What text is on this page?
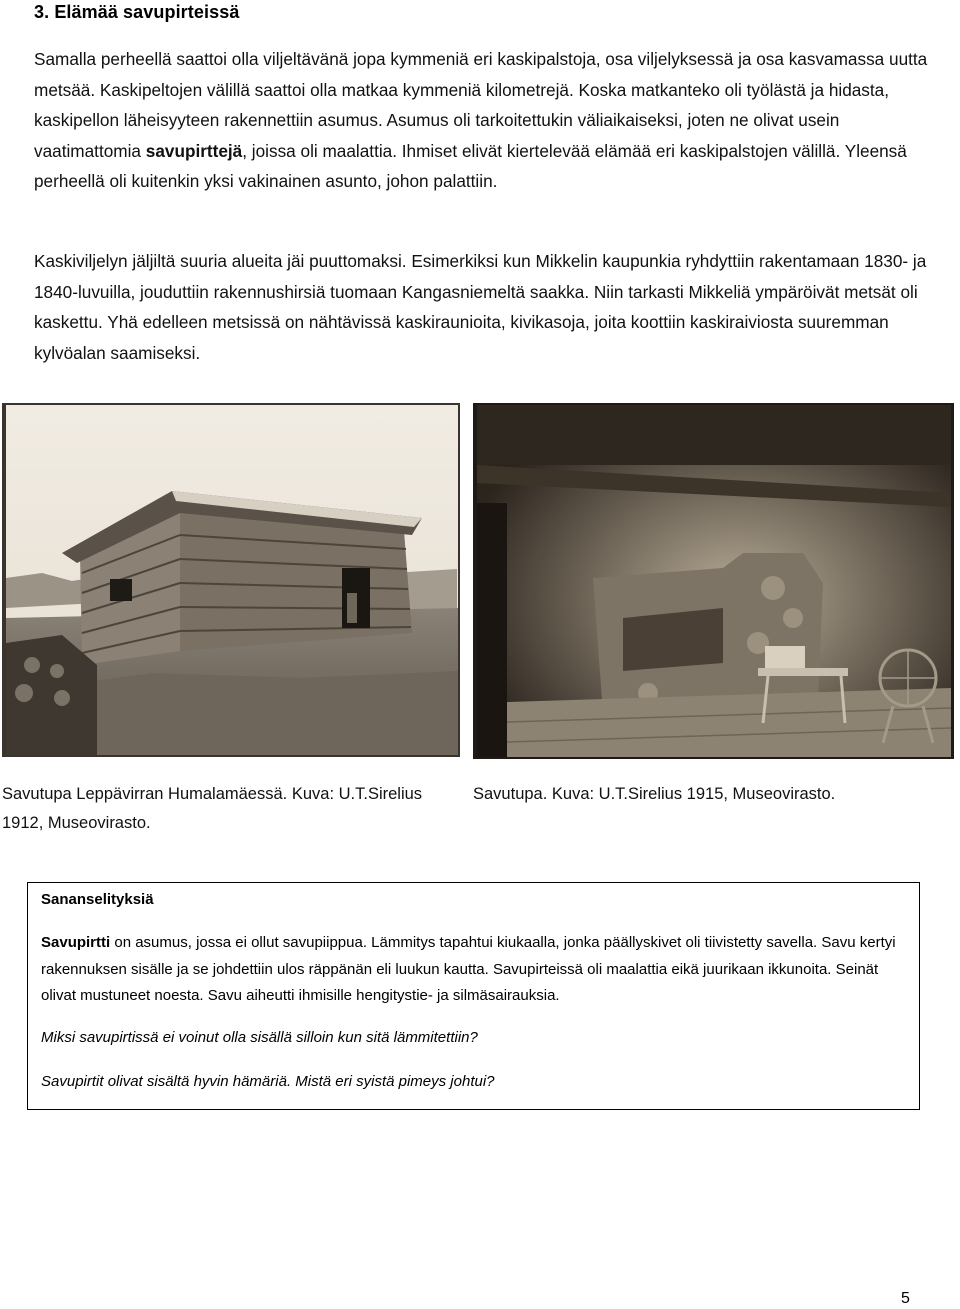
3. Elämää savupirteissä
Samalla perheellä saattoi olla viljeltävänä jopa kymmeniä eri kaskipalstoja, osa viljelyksessä ja osa kasvamassa uutta metsää. Kaskipeltojen välillä saattoi olla matkaa kymmeniä kilometrejä. Koska matkanteko oli työlästä ja hidasta, kaskipellon läheisyyteen rakennettiin asumus. Asumus oli tarkoitettukin väliaikaiseksi, joten ne olivat usein vaatimattomia savupirttejä, joissa oli maalattia. Ihmiset elivät kiertelevää elämää eri kaskipalstojen välillä. Yleensä perheellä oli kuitenkin yksi vakinainen asunto, johon palattiin.
Kaskiviljelyn jäljiltä suuria alueita jäi puuttomaksi. Esimerkiksi kun Mikkelin kaupunkia ryhdyttiin rakentamaan 1830- ja 1840-luvuilla, jouduttiin rakennushirsiä tuomaan Kangasniemeltä saakka. Niin tarkasti Mikkeliä ympäröivät metsät oli kaskettu. Yhä edelleen metsissä on nähtävissä kaskiraunioita, kivikasoja, joita koottiin kaskiraiviosta suuremman kylvöalan saamiseksi.
Savutupa Leppävirran Humalamäessä. Kuva: U.T.Sirelius 1912, Museovirasto.
Savutupa. Kuva: U.T.Sirelius 1915, Museovirasto.
Sananselityksiä
Savupirtti on asumus, jossa ei ollut savupiippua. Lämmitys tapahtui kiukaalla, jonka päällyskivet oli tiivistetty savella. Savu kertyi rakennuksen sisälle ja se johdettiin ulos räppänän eli luukun kautta. Savupirteissä oli maalattia eikä juurikaan ikkunoita. Seinät olivat mustuneet noesta. Savu aiheutti ihmisille hengitystie- ja silmäsairauksia.
Miksi savupirtissä ei voinut olla sisällä silloin kun sitä lämmitettiin?
Savupirtit olivat sisältä hyvin hämäriä. Mistä eri syistä pimeys johtui?
5
